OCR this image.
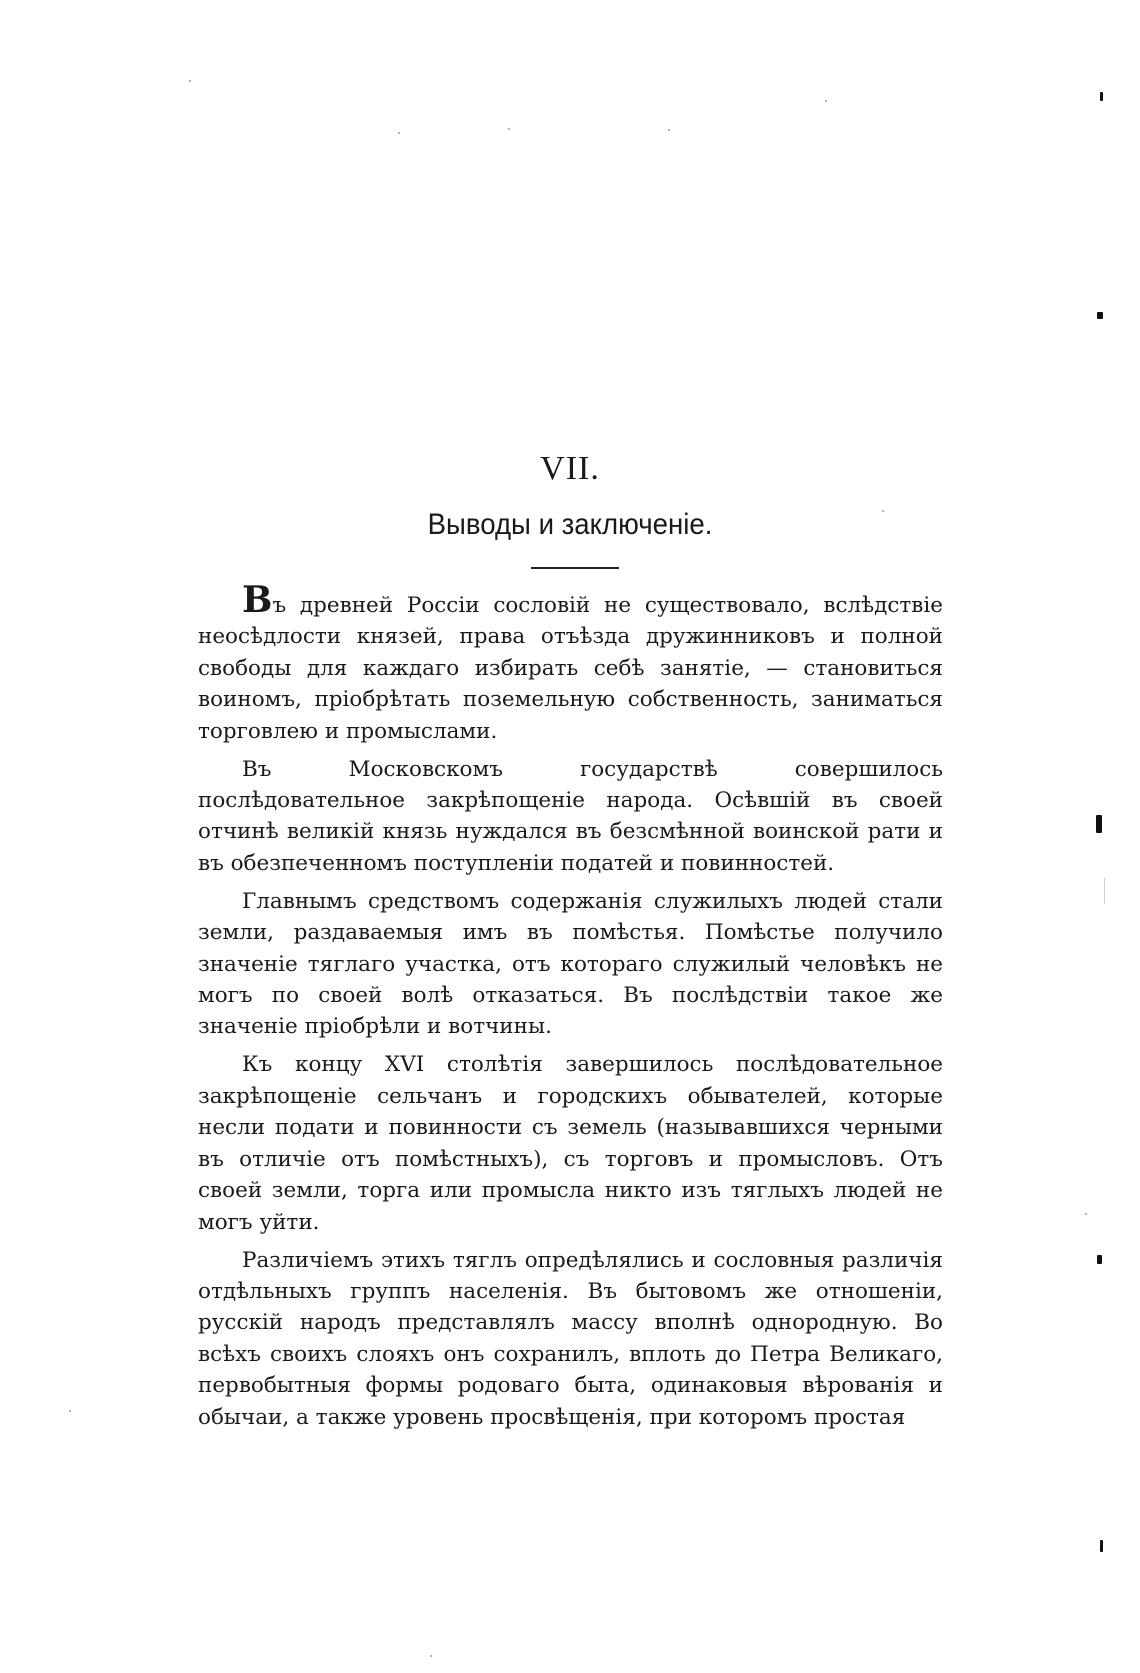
VII.
Выводы и заключеніе.

Въ древней Россіи сословій не существовало, вслѣдствіе неосѣдлости князей, права отъѣзда дружинниковъ и полной свободы для каждаго избирать себѣ занятіе, — становиться воиномъ, пріобрѣтать поземельную собственность, заниматься торговлею и промыслами.

Въ Московскомъ государствѣ совершилось послѣдовательное закрѣпощеніе народа. Осѣвшій въ своей отчинѣ великій князь нуждался въ безсмѣнной воинской рати и въ обезпеченномъ поступленіи податей и повинностей.

Главнымъ средствомъ содержанія служилыхъ людей стали земли, раздаваемыя имъ въ помѣстья. Помѣстье получило значеніе тяглаго участка, отъ котораго служилый человѣкъ не могъ по своей волѣ отказаться. Въ послѣдствіи такое же значеніе пріобрѣли и вотчины.

Къ концу XVI столѣтія завершилось послѣдовательное закрѣпощеніе сельчанъ и городскихъ обывателей, которые несли подати и повинности съ земель (называвшихся черными въ отличіе отъ помѣстныхъ), съ торговъ и промысловъ. Отъ своей земли, торга или промысла никто изъ тяглыхъ людей не могъ уйти.

Различіемъ этихъ тяглъ опредѣлялись и сословныя различія отдѣльныхъ группъ населенія. Въ бытовомъ же отношеніи, русскій народъ представлялъ массу вполнѣ однородную. Во всѣхъ своихъ слояхъ онъ сохранилъ, вплоть до Петра Великаго, первобытныя формы родоваго быта, одинаковыя вѣрованія и обычаи, а также уровень просвѣщенія, при которомъ простая
